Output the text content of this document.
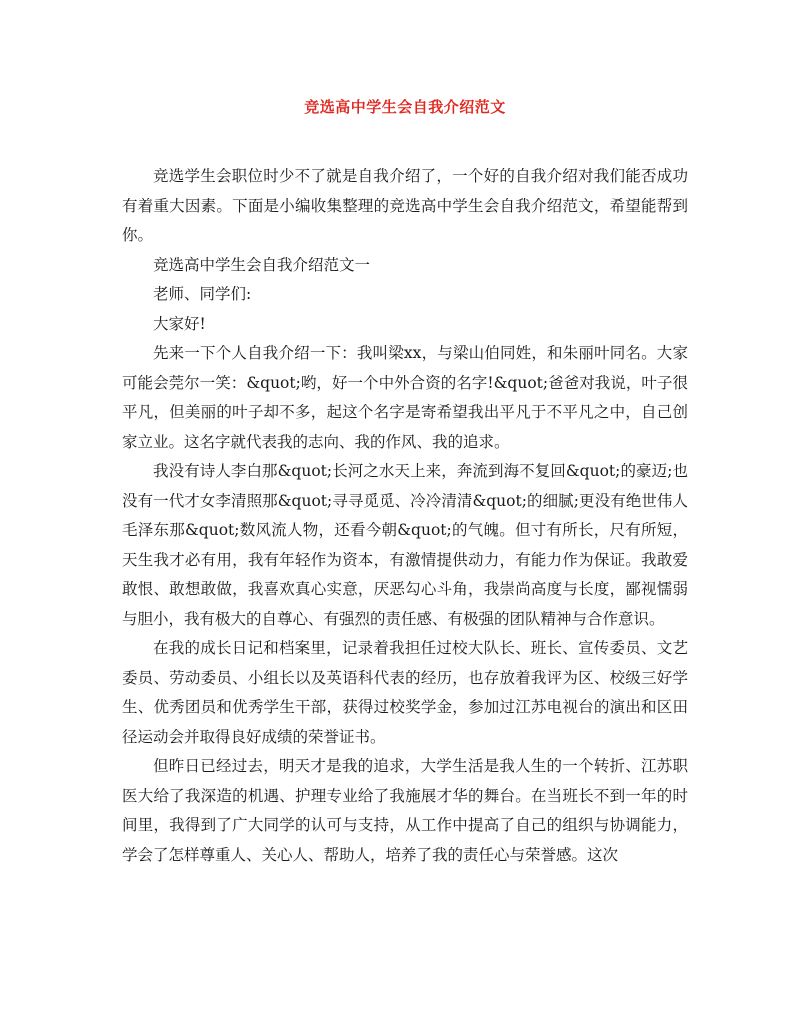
竞选高中学生会自我介绍范文

竞选学生会职位时少不了就是自我介绍了，一个好的自我介绍对我们能否成功有着重大因素。下面是小编收集整理的竞选高中学生会自我介绍范文，希望能帮到你。

竞选高中学生会自我介绍范文一

老师、同学们:

大家好!

先来一下个人自我介绍一下：我叫梁xx，与梁山伯同姓，和朱丽叶同名。大家可能会莞尔一笑：&quot;哟，好一个中外合资的名字!&quot;爸爸对我说，叶子很平凡，但美丽的叶子却不多，起这个名字是寄希望我出平凡于不平凡之中，自己创家立业。这名字就代表我的志向、我的作风、我的追求。

我没有诗人李白那&quot;长河之水天上来，奔流到海不复回&quot;的豪迈;也没有一代才女李清照那&quot;寻寻觅觅、冷冷清清&quot;的细腻;更没有绝世伟人毛泽东那&quot;数风流人物，还看今朝&quot;的气魄。但寸有所长，尺有所短，天生我才必有用，我有年轻作为资本，有激情提供动力，有能力作为保证。我敢爱敢恨、敢想敢做，我喜欢真心实意，厌恶勾心斗角，我崇尚高度与长度，鄙视懦弱与胆小，我有极大的自尊心、有强烈的责任感、有极强的团队精神与合作意识。

在我的成长日记和档案里，记录着我担任过校大队长、班长、宣传委员、文艺委员、劳动委员、小组长以及英语科代表的经历，也存放着我评为区、校级三好学生、优秀团员和优秀学生干部，获得过校奖学金，参加过江苏电视台的演出和区田径运动会并取得良好成绩的荣誉证书。

但昨日已经过去，明天才是我的追求，大学生活是我人生的一个转折、江苏职医大给了我深造的机遇、护理专业给了我施展才华的舞台。在当班长不到一年的时间里，我得到了广大同学的认可与支持，从工作中提高了自己的组织与协调能力，学会了怎样尊重人、关心人、帮助人，培养了我的责任心与荣誉感。这次
